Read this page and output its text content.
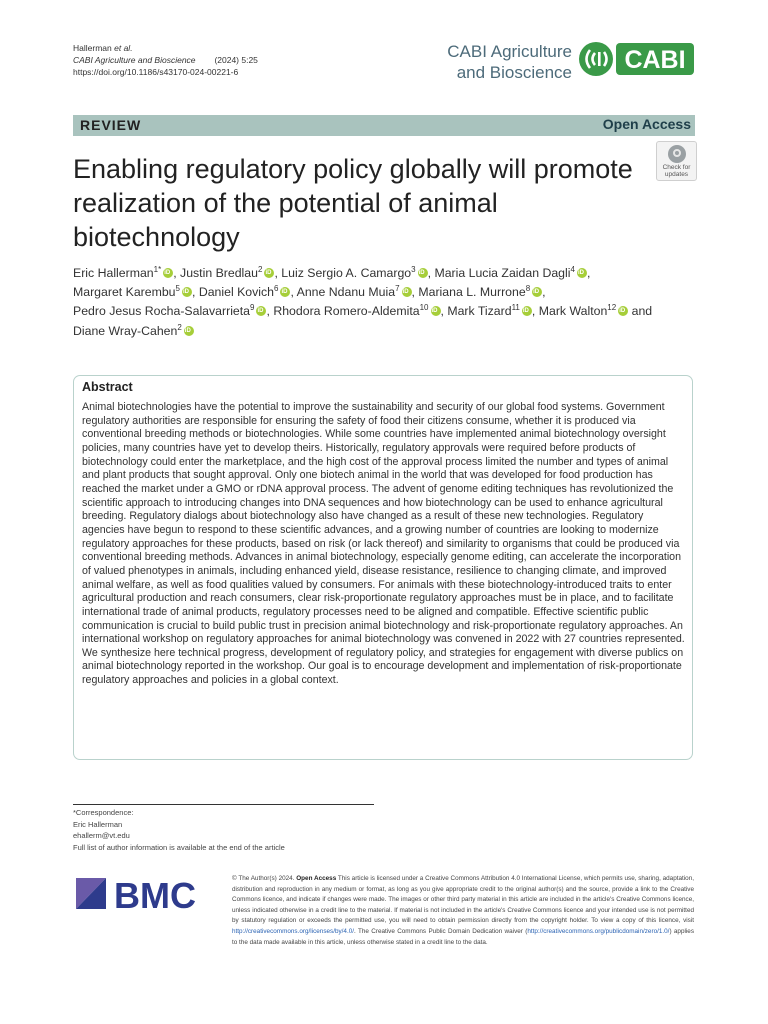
Hallerman et al.
CABI Agriculture and Bioscience (2024) 5:25
https://doi.org/10.1186/s43170-024-00221-6
CABI Agriculture
and Bioscience CABI
REVIEW	Open Access
Enabling regulatory policy globally will promote realization of the potential of animal biotechnology
Check for
updates
Eric Hallerman$^{1*}$ iD , Justin Bredlau$^2$ iD , Luiz Sergio A. Camargo$^3$ iD , Maria Lucia Zaidan Dagli$^4$ iD ,
Margaret Karembu$^5$ iD , Daniel Kovich$^6$ iD , Anne Ndanu Muia$^7$ iD , Mariana L. Murrone$^8$ iD ,
Pedro Jesus Rocha-Salavarrieta$^9$ iD , Rhodora Romero-Aldemita$^{10}$ iD , Mark Tizard$^{11}$ iD , Mark Walton$^{12}$iD and
Diane Wray-Cahen$^2$iD
Abstract

Animal biotechnologies have the potential to improve the sustainability and security of our global food systems. Government regulatory authorities are responsible for ensuring the safety of food their citizens consume, whether it is produced via conventional breeding methods or biotechnologies. While some countries have implemented animal biotechnology oversight policies, many countries have yet to develop theirs. Historically, regulatory approvals were required before products of biotechnology could enter the marketplace, and the high cost of the approval process limited the number and types of animal and plant products that sought approval. Only one biotech animal in the world that was developed for food production has reached the market under a GMO or rDNA approval process. The advent of genome editing techniques has revolutionized the scientific approach to introducing changes into DNA sequences and how biotechnology can be used to enhance agricultural breeding. Regulatory dialogs about biotechnology also have changed as a result of these new technologies. Regulatory agencies have begun to respond to these scientific advances, and a growing number of countries are looking to modernize regulatory approaches for these products, based on risk (or lack thereof) and similarity to organisms that could be produced via conventional breeding methods. Advances in animal biotechnology, especially genome editing, can accelerate the incorporation of valued phenotypes in animals, including enhanced yield, disease resistance, resilience to changing climate, and improved animal welfare, as well as food qualities valued by consumers. For animals with these biotechnology-introduced traits to enter agricultural production and reach consumers, clear risk-proportionate regulatory approaches must be in place, and to facilitate international trade of animal products, regulatory processes need to be aligned and compatible. Effective scientific public communication is crucial to build public trust in precision animal biotechnology and risk-proportionate regulatory approaches. An international workshop on regulatory approaches for animal biotechnology was convened in 2022 with 27 countries represented. We synthesize here technical progress, development of regulatory policy, and strategies for engagement with diverse publics on animal biotechnology reported in the workshop. Our goal is to encourage development and implementation of risk-proportionate regulatory approaches and policies in a global context.

*Correspondence:
Eric Hallerman
ehallerm@vt.edu
Full list of author information is available at the end of the article
BMC	© The Author(s) 2024. Open Access This article is licensed under a Creative Commons Attribution 4.0 International License, which permits use, sharing, adaptation, distribution and reproduction in any medium or format, as long as you give appropriate credit to the original author(s) and the source, provide a link to the Creative Commons licence, and indicate if changes were made. The images or other third party material in this article are included in the article's Creative Commons licence, unless indicated otherwise in a credit line to the material. If material is not included in the article's Creative Commons licence and your intended use is not permitted by statutory regulation or exceeds the permitted use, you will need to obtain permission directly from the copyright holder. To view a copy of this licence, visit http://creativecommons.org/licenses/by/4.0/. The Creative Commons Public Domain Dedication waiver (http://creativecommons.org/publicdomain/zero/1.0/) applies to the data made available in this article, unless otherwise stated in a credit line to the data.
